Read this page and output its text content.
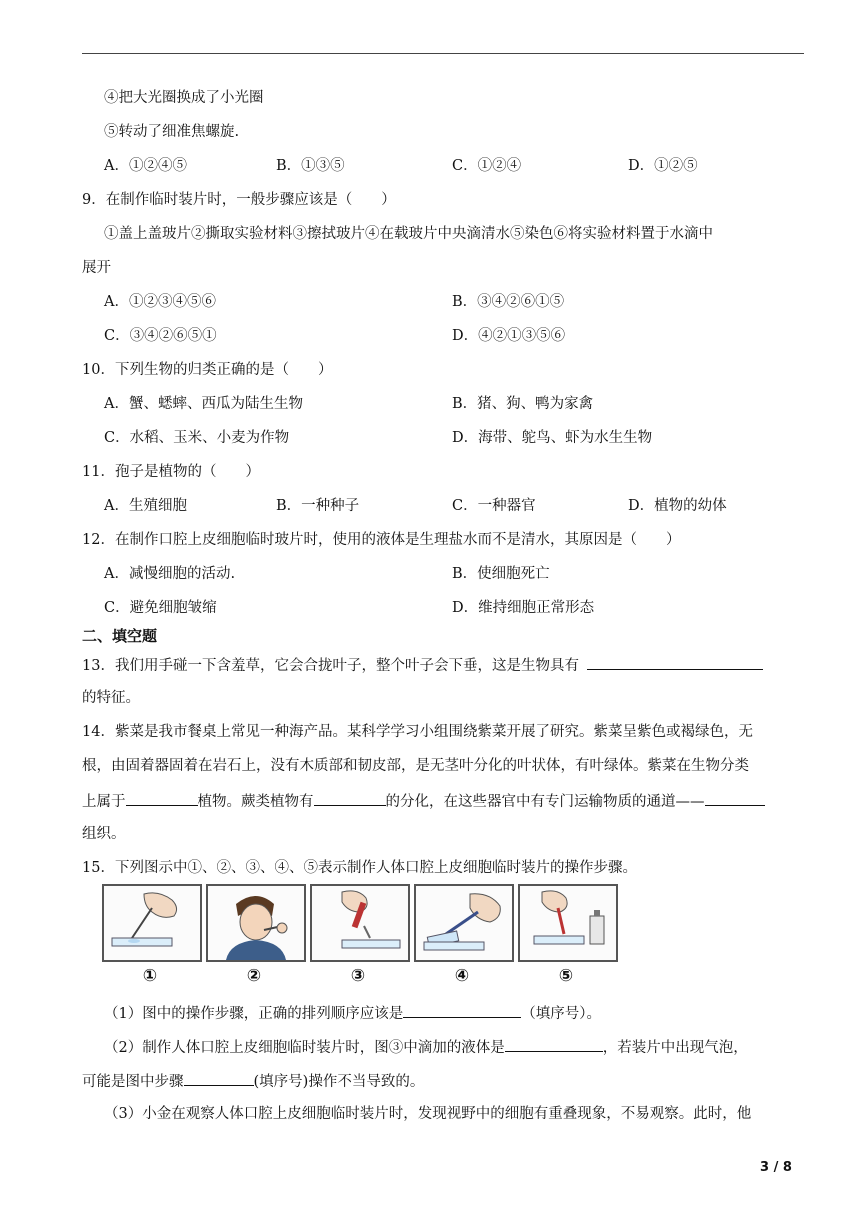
④把大光圈换成了小光圈
⑤转动了细准焦螺旋.
A．①②④⑤	B．①③⑤	C．①②④	D．①②⑤
9．在制作临时装片时，一般步骤应该是（　　）
①盖上盖玻片②撕取实验材料③擦拭玻片④在载玻片中央滴清水⑤染色⑥将实验材料置于水滴中
展开
A．①②③④⑤⑥	B．③④②⑥①⑤
C．③④②⑥⑤①	D．④②①③⑤⑥
10．下列生物的归类正确的是（　　）
A．蟹、蟋蟀、西瓜为陆生生物	B．猪、狗、鸭为家禽
C．水稻、玉米、小麦为作物	D．海带、鸵鸟、虾为水生生物
11．孢子是植物的（　　）
A．生殖细胞	B．一种种子	C．一种器官	D．植物的幼体
12．在制作口腔上皮细胞临时玻片时，使用的液体是生理盐水而不是清水，其原因是（　　）
A．减慢细胞的活动.	B．使细胞死亡
C．避免细胞皱缩	D．维持细胞正常形态
二、填空题
13．我们用手碰一下含羞草，它会合拢叶子，整个叶子会下垂，这是生物具有
的特征。
14．紫菜是我市餐桌上常见一种海产品。某科学学习小组围绕紫菜开展了研究。紫菜呈紫色或褐绿色，无
根，由固着器固着在岩石上，没有木质部和韧皮部，是无茎叶分化的叶状体，有叶绿体。紫菜在生物分类
上属于	植物。蕨类植物有	的分化，在这些器官中有专门运输物质的通道——
组织。
15．下列图示中①、②、③、④、⑤表示制作人体口腔上皮细胞临时装片的操作步骤。
①	②	③	④	⑤
（1）图中的操作步骤，正确的排列顺序应该是	（填序号）。
（2）制作人体口腔上皮细胞临时装片时，图③中滴加的液体是	，若装片中出现气泡，
可能是图中步骤	(填序号)操作不当导致的。
（3）小金在观察人体口腔上皮细胞临时装片时，发现视野中的细胞有重叠现象，不易观察。此时，他
3 / 8
